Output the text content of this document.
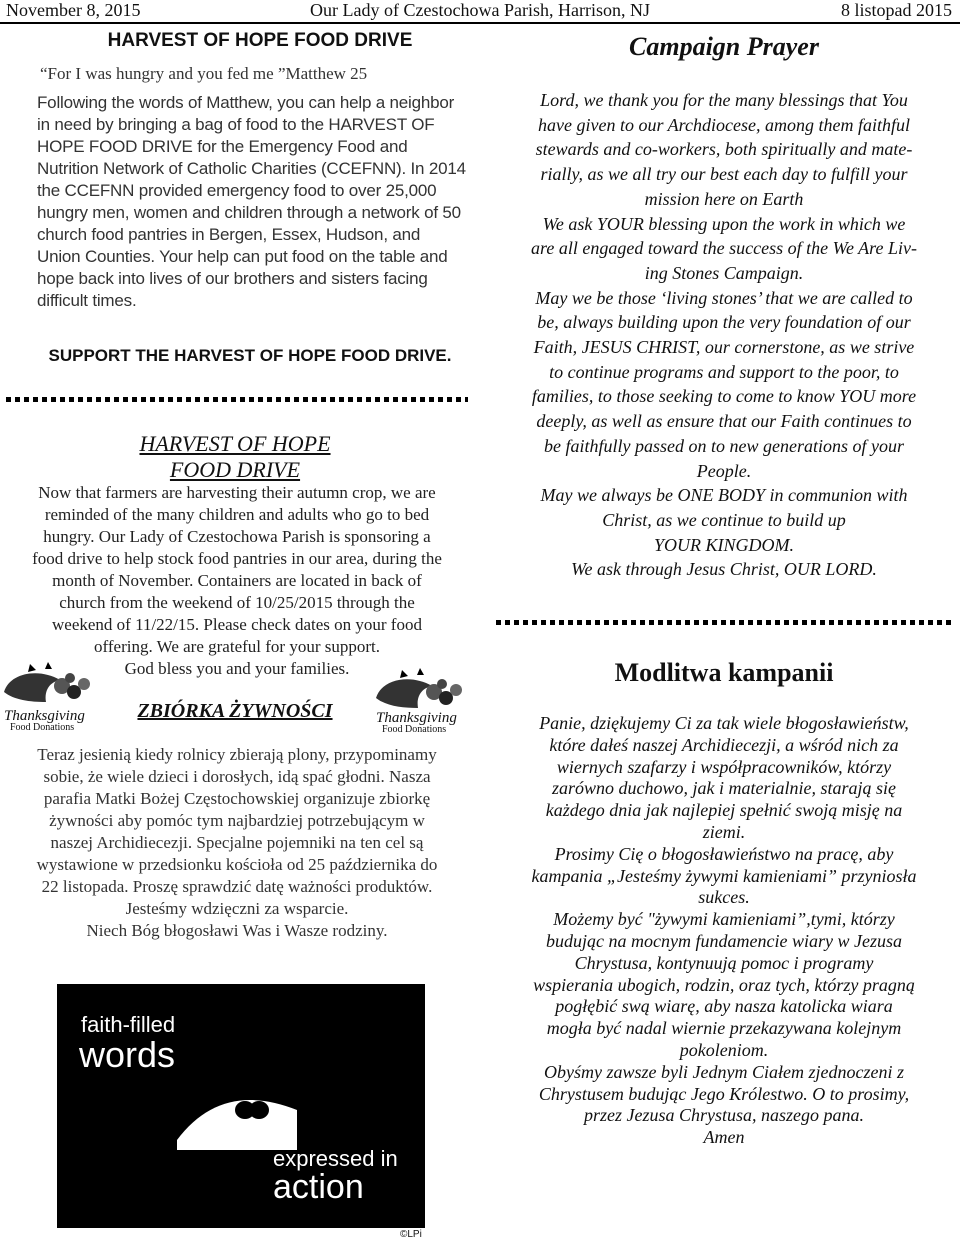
November 8, 2015	Our Lady of Czestochowa Parish, Harrison, NJ	8 listopad 2015
HARVEST OF HOPE FOOD DRIVE
“For I was hungry and you fed me ”Matthew 25
Following the words of Matthew, you can help a neighbor in need by bringing a bag of food to the HARVEST OF HOPE FOOD DRIVE for the Emergency Food and Nutrition Network of Catholic Charities (CCEFNN). In 2014 the CCEFNN provided emergency food to over 25,000 hungry men, women and children through a network of 50 church food pantries in Bergen, Essex, Hudson, and Union Counties. Your help can put food on the table and hope back into lives of our brothers and sisters facing difficult times.
SUPPORT THE HARVEST OF HOPE FOOD DRIVE.
HARVEST OF HOPE
FOOD DRIVE
Now that farmers are harvesting their autumn crop, we are
reminded of the many children and adults who go to bed
hungry. Our Lady of Czestochowa Parish is sponsoring a
food drive to help stock food pantries in our area, during the
month of November. Containers are located in back of
church from the weekend of 10/25/2015 through the
weekend of 11/22/15. Please check dates on your food
offering. We are grateful for your support.
God bless you and your families.
Thanksgiving
Food Donations
ZBIÓRKA ŻYWNOŚCI	Thanksgiving
Food Donations
Teraz jesienią kiedy rolnicy zbierają plony, przypominamy
sobie, że wiele dzieci i dorosłych, idą spać głodni. Nasza
parafia Matki Bożej Częstochowskiej organizuje zbiorkę
żywności aby pomóc tym najbardziej potrzebującym w
naszej Archidiecezji. Specjalne pojemniki na ten cel są
wystawione w przedsionku kościoła od 25 października do
22 listopada. Proszę sprawdzić datę ważności produktów.
Jesteśmy wdzięczni za wsparcie.
Niech Bóg błogosławi Was i Wasze rodziny.
faith-filled
words
expressed in
action
©LPi
Campaign Prayer
Lord, we thank you for the many blessings that You
have given to our Archdiocese, among them faithful
stewards and co-workers, both spiritually and mate-
rially, as we all try our best each day to fulfill your
mission here on Earth
We ask YOUR blessing upon the work in which we
are all engaged toward the success of the We Are Liv-
ing Stones Campaign.
May we be those ‘living stones’ that we are called to
be, always building upon the very foundation of our
Faith, JESUS CHRIST, our cornerstone, as we strive
to continue programs and support to the poor, to
families, to those seeking to come to know YOU more
deeply, as well as ensure that our Faith continues to
be faithfully passed on to new generations of your
People.
May we always be ONE BODY in communion with
Christ, as we continue to build up
YOUR KINGDOM.
We ask through Jesus Christ, OUR LORD.
Modlitwa kampanii
Panie, dziękujemy Ci za tak wiele błogosławieństw,
które dałeś naszej Archidiecezji, a wśród nich za
wiernych szafarzy i współpracowników, którzy
zarówno duchowo, jak i materialnie, starają się
każdego dnia jak najlepiej spełnić swoją misję na
ziemi.
Prosimy Cię o błogosławieństwo na pracę, aby
kampania „Jesteśmy żywymi kamieniami” przyniosła
sukces.
Możemy być "żywymi kamieniami”,tymi, którzy
budując na mocnym fundamencie wiary w Jezusa
Chrystusa, kontynuują pomoc i programy
wspierania ubogich, rodzin, oraz tych, którzy pragną
pogłębić swą wiarę, aby nasza katolicka wiara
mogła być nadal wiernie przekazywana kolejnym
pokoleniom.
Obyśmy zawsze byli Jednym Ciałem zjednoczeni z
Chrystusem budując Jego Królestwo. O to prosimy,
przez Jezusa Chrystusa, naszego pana.
Amen
